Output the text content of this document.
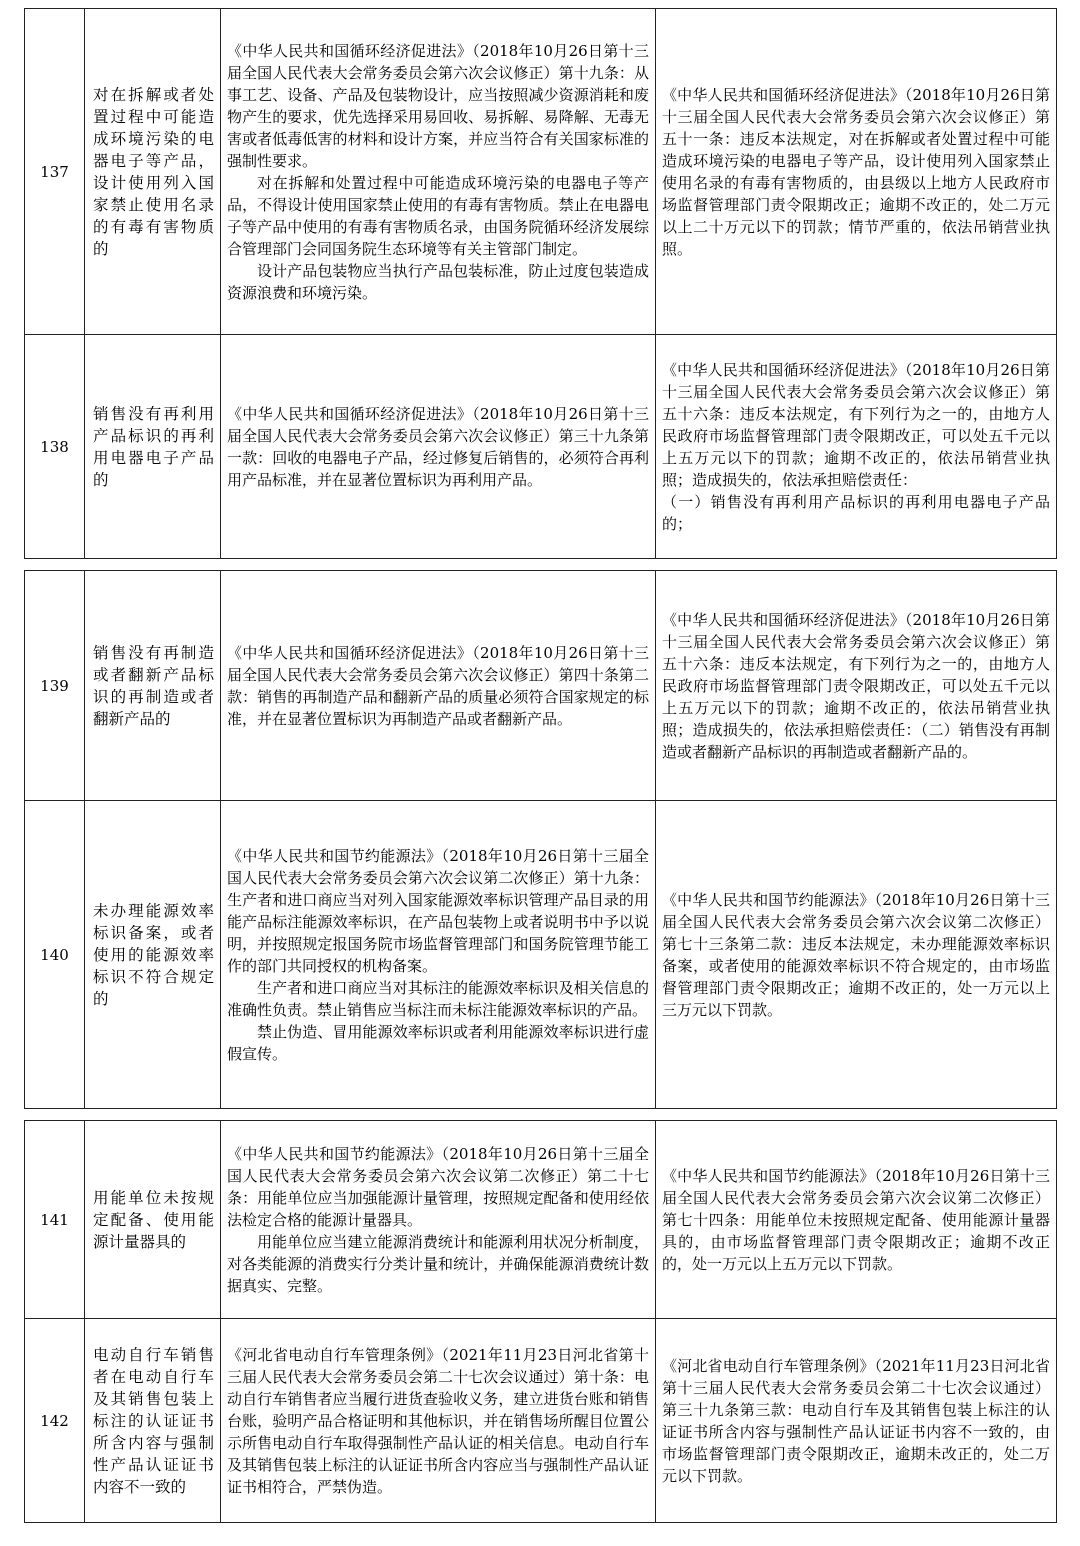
137	对在拆解或者处置过程中可能造成环境污染的电器电子等产品，设计使用列入国家禁止使用名录的有毒有害物质的	《中华人民共和国循环经济促进法》（2018年10月26日第十三届全国人民代表大会常务委员会第六次会议修正）第十九条：从事工艺、设备、产品及包装物设计，应当按照减少资源消耗和废物产生的要求，优先选择采用易回收、易拆解、易降解、无毒无害或者低毒低害的材料和设计方案，并应当符合有关国家标准的强制性要求。

对在拆解和处置过程中可能造成环境污染的电器电子等产品，不得设计使用国家禁止使用的有毒有害物质。禁止在电器电子等产品中使用的有毒有害物质名录，由国务院循环经济发展综合管理部门会同国务院生态环境等有关主管部门制定。

设计产品包装物应当执行产品包装标准，防止过度包装造成资源浪费和环境污染。	《中华人民共和国循环经济促进法》（2018年10月26日第十三届全国人民代表大会常务委员会第六次会议修正）第五十一条：违反本法规定，对在拆解或者处置过程中可能造成环境污染的电器电子等产品，设计使用列入国家禁止使用名录的有毒有害物质的，由县级以上地方人民政府市场监督管理部门责令限期改正；逾期不改正的，处二万元以上二十万元以下的罚款；情节严重的，依法吊销营业执照。

138	销售没有再利用产品标识的再利用电器电子产品的	《中华人民共和国循环经济促进法》（2018年10月26日第十三届全国人民代表大会常务委员会第六次会议修正）第三十九条第一款：回收的电器电子产品，经过修复后销售的，必须符合再利用产品标准，并在显著位置标识为再利用产品。	《中华人民共和国循环经济促进法》（2018年10月26日第十三届全国人民代表大会常务委员会第六次会议修正）第五十六条：违反本法规定，有下列行为之一的，由地方人民政府市场监督管理部门责令限期改正，可以处五千元以上五万元以下的罚款；逾期不改正的，依法吊销营业执照；造成损失的，依法承担赔偿责任：

（一）销售没有再利用产品标识的再利用电器电子产品的；

139	销售没有再制造或者翻新产品标识的再制造或者翻新产品的	《中华人民共和国循环经济促进法》（2018年10月26日第十三届全国人民代表大会常务委员会第六次会议修正）第四十条第二款：销售的再制造产品和翻新产品的质量必须符合国家规定的标准，并在显著位置标识为再制造产品或者翻新产品。	《中华人民共和国循环经济促进法》（2018年10月26日第十三届全国人民代表大会常务委员会第六次会议修正）第五十六条：违反本法规定，有下列行为之一的，由地方人民政府市场监督管理部门责令限期改正，可以处五千元以上五万元以下的罚款；逾期不改正的，依法吊销营业执照；造成损失的，依法承担赔偿责任：（二）销售没有再制造或者翻新产品标识的再制造或者翻新产品的。

140	未办理能源效率标识备案，或者使用的能源效率标识不符合规定的	《中华人民共和国节约能源法》（2018年10月26日第十三届全国人民代表大会常务委员会第六次会议第二次修正）第十九条：生产者和进口商应当对列入国家能源效率标识管理产品目录的用能产品标注能源效率标识，在产品包装物上或者说明书中予以说明，并按照规定报国务院市场监督管理部门和国务院管理节能工作的部门共同授权的机构备案。

生产者和进口商应当对其标注的能源效率标识及相关信息的准确性负责。禁止销售应当标注而未标注能源效率标识的产品。

禁止伪造、冒用能源效率标识或者利用能源效率标识进行虚假宣传。	《中华人民共和国节约能源法》（2018年10月26日第十三届全国人民代表大会常务委员会第六次会议第二次修正）第七十三条第二款：违反本法规定，未办理能源效率标识备案，或者使用的能源效率标识不符合规定的，由市场监督管理部门责令限期改正；逾期不改正的，处一万元以上三万元以下罚款。

141	用能单位未按规定配备、使用能源计量器具的	《中华人民共和国节约能源法》（2018年10月26日第十三届全国人民代表大会常务委员会第六次会议第二次修正）第二十七条：用能单位应当加强能源计量管理，按照规定配备和使用经依法检定合格的能源计量器具。

用能单位应当建立能源消费统计和能源利用状况分析制度，对各类能源的消费实行分类计量和统计，并确保能源消费统计数据真实、完整。	《中华人民共和国节约能源法》（2018年10月26日第十三届全国人民代表大会常务委员会第六次会议第二次修正）第七十四条：用能单位未按照规定配备、使用能源计量器具的，由市场监督管理部门责令限期改正；逾期不改正的，处一万元以上五万元以下罚款。

142	电动自行车销售者在电动自行车及其销售包装上标注的认证证书所含内容与强制性产品认证证书内容不一致的	《河北省电动自行车管理条例》（2021年11月23日河北省第十三届人民代表大会常务委员会第二十七次会议通过）第十条：电动自行车销售者应当履行进货查验收义务，建立进货台账和销售台账，验明产品合格证明和其他标识，并在销售场所醒目位置公示所售电动自行车取得强制性产品认证的相关信息。电动自行车及其销售包装上标注的认证证书所含内容应当与强制性产品认证证书相符合，严禁伪造。	《河北省电动自行车管理条例》（2021年11月23日河北省第十三届人民代表大会常务委员会第二十七次会议通过）第三十九条第三款：电动自行车及其销售包装上标注的认证证书所含内容与强制性产品认证证书内容不一致的，由市场监督管理部门责令限期改正，逾期未改正的，处二万元以下罚款。
